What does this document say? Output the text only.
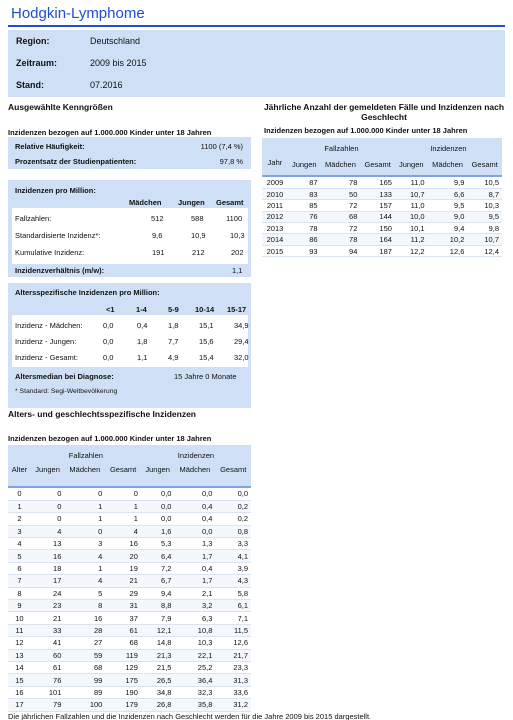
Hodgkin-Lymphome
Region:	Deutschland
Zeitraum:	2009 bis 2015
Stand:	07.2016
Ausgewählte Kenngrößen
Inzidenzen bezogen auf 1.000.000 Kinder unter 18 Jahren
Relative Häufigkeit:	1100 (7,4 %)
Prozentsatz der Studienpatienten:	97,8 %
Inzidenzen pro Million:
Mädchen Jungen Gesamt
Fallzahlen:	512	588	1100
Standardisierte Inzidenz*:	9,6	10,9	10,3
Kumulative Inzidenz:	191	212	202
Inzidenzverhältnis (m/w):	1,1
Altersspezifische Inzidenzen pro Million:
<1	1-4	5-9 10-14 15-17
Inzidenz - Mädchen:	0,0	0,4	1,8	15,1	34,9
Inzidenz - Jungen:	0,0	1,8	7,7	15,6	29,4
Inzidenz - Gesamt:	0,0	1,1	4,9	15,4	32,0
Altersmedian bei Diagnose:	15 Jahre 0 Monate
* Standard: Segi-Weltbevölkerung
Jährliche Anzahl der gemeldeten Fälle und Inzidenzen nach Geschlecht
Inzidenzen bezogen auf 1.000.000 Kinder unter 18 Jahren
	Fallzahlen			Inzidenzen		
Jahr	Jungen	Mädchen	Gesamt	Jungen	Mädchen	Gesamt

2009	87	78	165	11,0	9,9	10,5
2010	83	50	133	10,7	6,6	8,7
2011	85	72	157	11,0	9,5	10,3
2012	76	68	144	10,0	9,0	9,5
2013	78	72	150	10,1	9,4	9,8
2014	86	78	164	11,2	10,2	10,7
2015	93	94	187	12,2	12,6	12,4
Alters- und geschlechtsspezifische Inzidenzen
Inzidenzen bezogen auf 1.000.000 Kinder unter 18 Jahren
	Fallzahlen			Inzidenzen		
Alter	Jungen	Mädchen	Gesamt	Jungen	Mädchen	Gesamt

0	0	0	0	0,0	0,0	0,0
1	0	1	1	0,0	0,4	0,2
2	0	1	1	0,0	0,4	0,2
3	4	0	4	1,6	0,0	0,8
4	13	3	16	5,3	1,3	3,3
5	16	4	20	6,4	1,7	4,1
6	18	1	19	7,2	0,4	3,9
7	17	4	21	6,7	1,7	4,3
8	24	5	29	9,4	2,1	5,8
9	23	8	31	8,8	3,2	6,1
10	21	16	37	7,9	6,3	7,1
11	33	28	61	12,1	10,8	11,5
12	41	27	68	14,8	10,3	12,6
13	60	59	119	21,3	22,1	21,7
14	61	68	129	21,5	25,2	23,3
15	76	99	175	26,5	36,4	31,3
16	101	89	190	34,8	32,3	33,6
17	79	100	179	26,8	35,8	31,2
Die jährlichen Fallzahlen und die Inzidenzen nach Geschlecht werden für die Jahre 2009 bis 2015 dargestellt.
